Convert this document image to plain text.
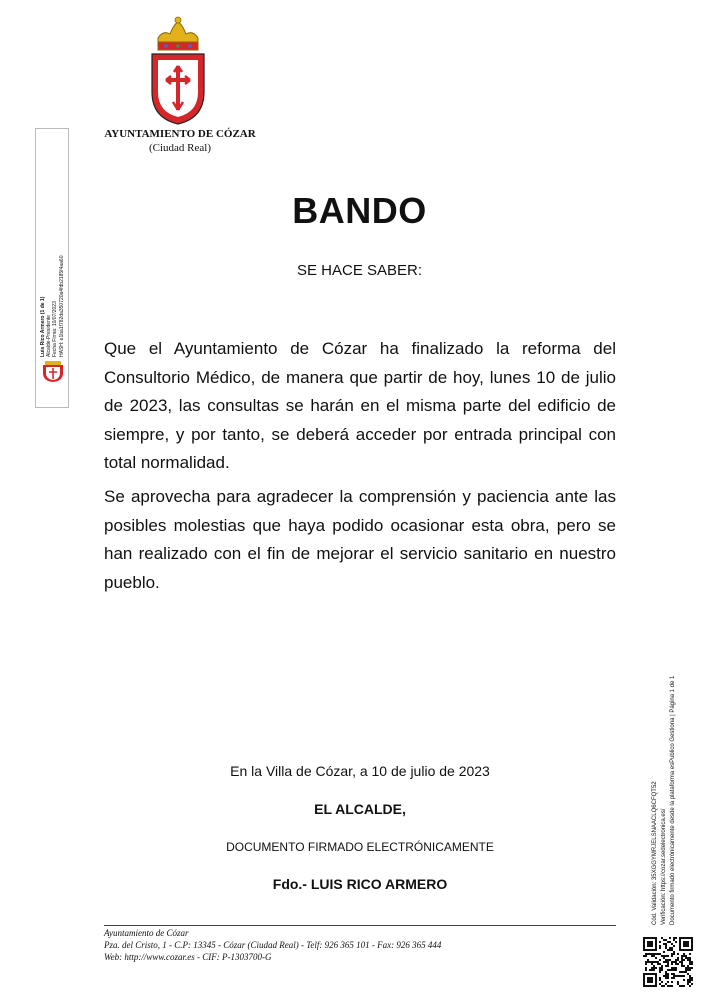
AYUNTAMIENTO DE CÓZAR
(Ciudad Real)
BANDO
SE HACE SABER:

Que el Ayuntamiento de Cózar ha finalizado la reforma del Consultorio Médico, de manera que partir de hoy, lunes 10 de julio de 2023, las consultas se harán en el misma parte del edificio de siempre, y por tanto, se deberá acceder por entrada principal con total normalidad.

Se aprovecha para agradecer la comprensión y paciencia ante las posibles molestias que haya podido ocasionar esta obra, pero se han realizado con el fin de mejorar el servicio sanitario en nuestro pueblo.

En la Villa de Cózar, a 10 de julio de 2023
EL ALCALDE,
DOCUMENTO FIRMADO ELECTRÓNICAMENTE
Fdo.- LUIS RICO ARMERO
Ayuntamiento de Cózar
Pza. del Cristo, 1 - C.P: 13345 - Cózar (Ciudad Real) - Telf: 926 365 101 - Fax: 926 365 444
Web: http://www.cozar.es - CIF: P-1303700-G
Luis Rico Armero (1 de 1) Alcalde-Presidente Fecha Firma: 10/07/2023 HASH: e1ba1f782da350720a4fdb2185f4aa60
Cód. Validación: 35XGGYMRJELSNAACLQ6CFQT52 Verificación: https://cozar.sedelectronica.es/ Documento firmado electrónicamente desde la plataforma esPublico Gestiona | Página 1 de 1
